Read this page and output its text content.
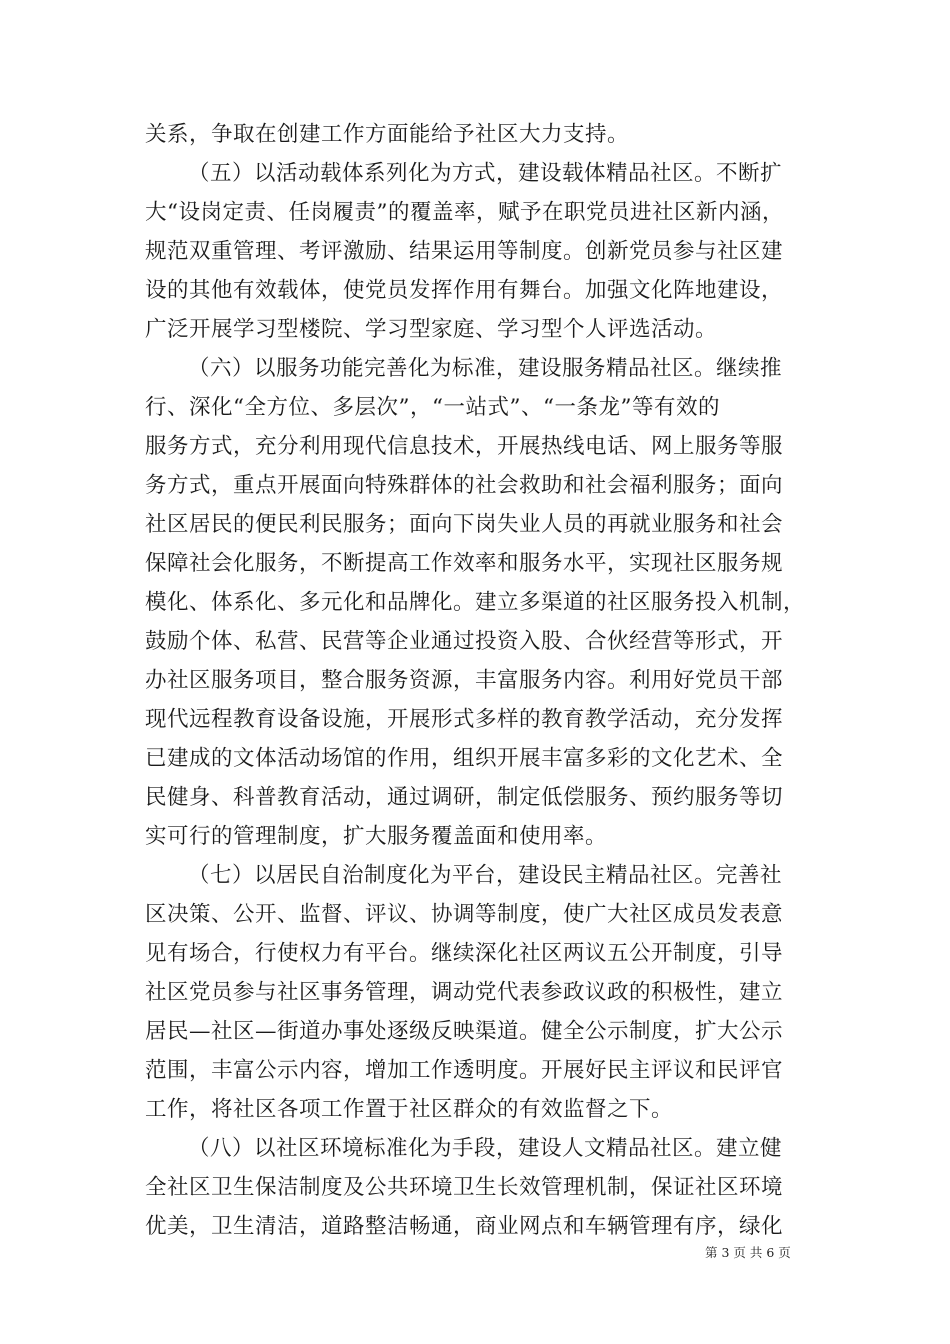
关系，争取在创建工作方面能给予社区大力支持。
（五）以活动载体系列化为方式，建设载体精品社区。不断扩
大“设岗定责、任岗履责”的覆盖率，赋予在职党员进社区新内涵，
规范双重管理、考评激励、结果运用等制度。创新党员参与社区建
设的其他有效载体，使党员发挥作用有舞台。加强文化阵地建设，
广泛开展学习型楼院、学习型家庭、学习型个人评选活动。
（六）以服务功能完善化为标准，建设服务精品社区。继续推
行、深化“全方位、多层次”，“一站式”、“一条龙”等有效的
服务方式，充分利用现代信息技术，开展热线电话、网上服务等服
务方式，重点开展面向特殊群体的社会救助和社会福利服务；面向
社区居民的便民利民服务；面向下岗失业人员的再就业服务和社会
保障社会化服务，不断提高工作效率和服务水平，实现社区服务规
模化、体系化、多元化和品牌化。建立多渠道的社区服务投入机制，
鼓励个体、私营、民营等企业通过投资入股、合伙经营等形式，开
办社区服务项目，整合服务资源，丰富服务内容。利用好党员干部
现代远程教育设备设施，开展形式多样的教育教学活动，充分发挥
已建成的文体活动场馆的作用，组织开展丰富多彩的文化艺术、全
民健身、科普教育活动，通过调研，制定低偿服务、预约服务等切
实可行的管理制度，扩大服务覆盖面和使用率。
（七）以居民自治制度化为平台，建设民主精品社区。完善社
区决策、公开、监督、评议、协调等制度，使广大社区成员发表意
见有场合，行使权力有平台。继续深化社区两议五公开制度，引导
社区党员参与社区事务管理，调动党代表参政议政的积极性，建立
居民—社区—街道办事处逐级反映渠道。健全公示制度，扩大公示
范围，丰富公示内容，增加工作透明度。开展好民主评议和民评官
工作，将社区各项工作置于社区群众的有效监督之下。
（八）以社区环境标准化为手段，建设人文精品社区。建立健
全社区卫生保洁制度及公共环境卫生长效管理机制，保证社区环境
优美，卫生清洁，道路整洁畅通，商业网点和车辆管理有序，绿化
第 3 页 共 6 页
